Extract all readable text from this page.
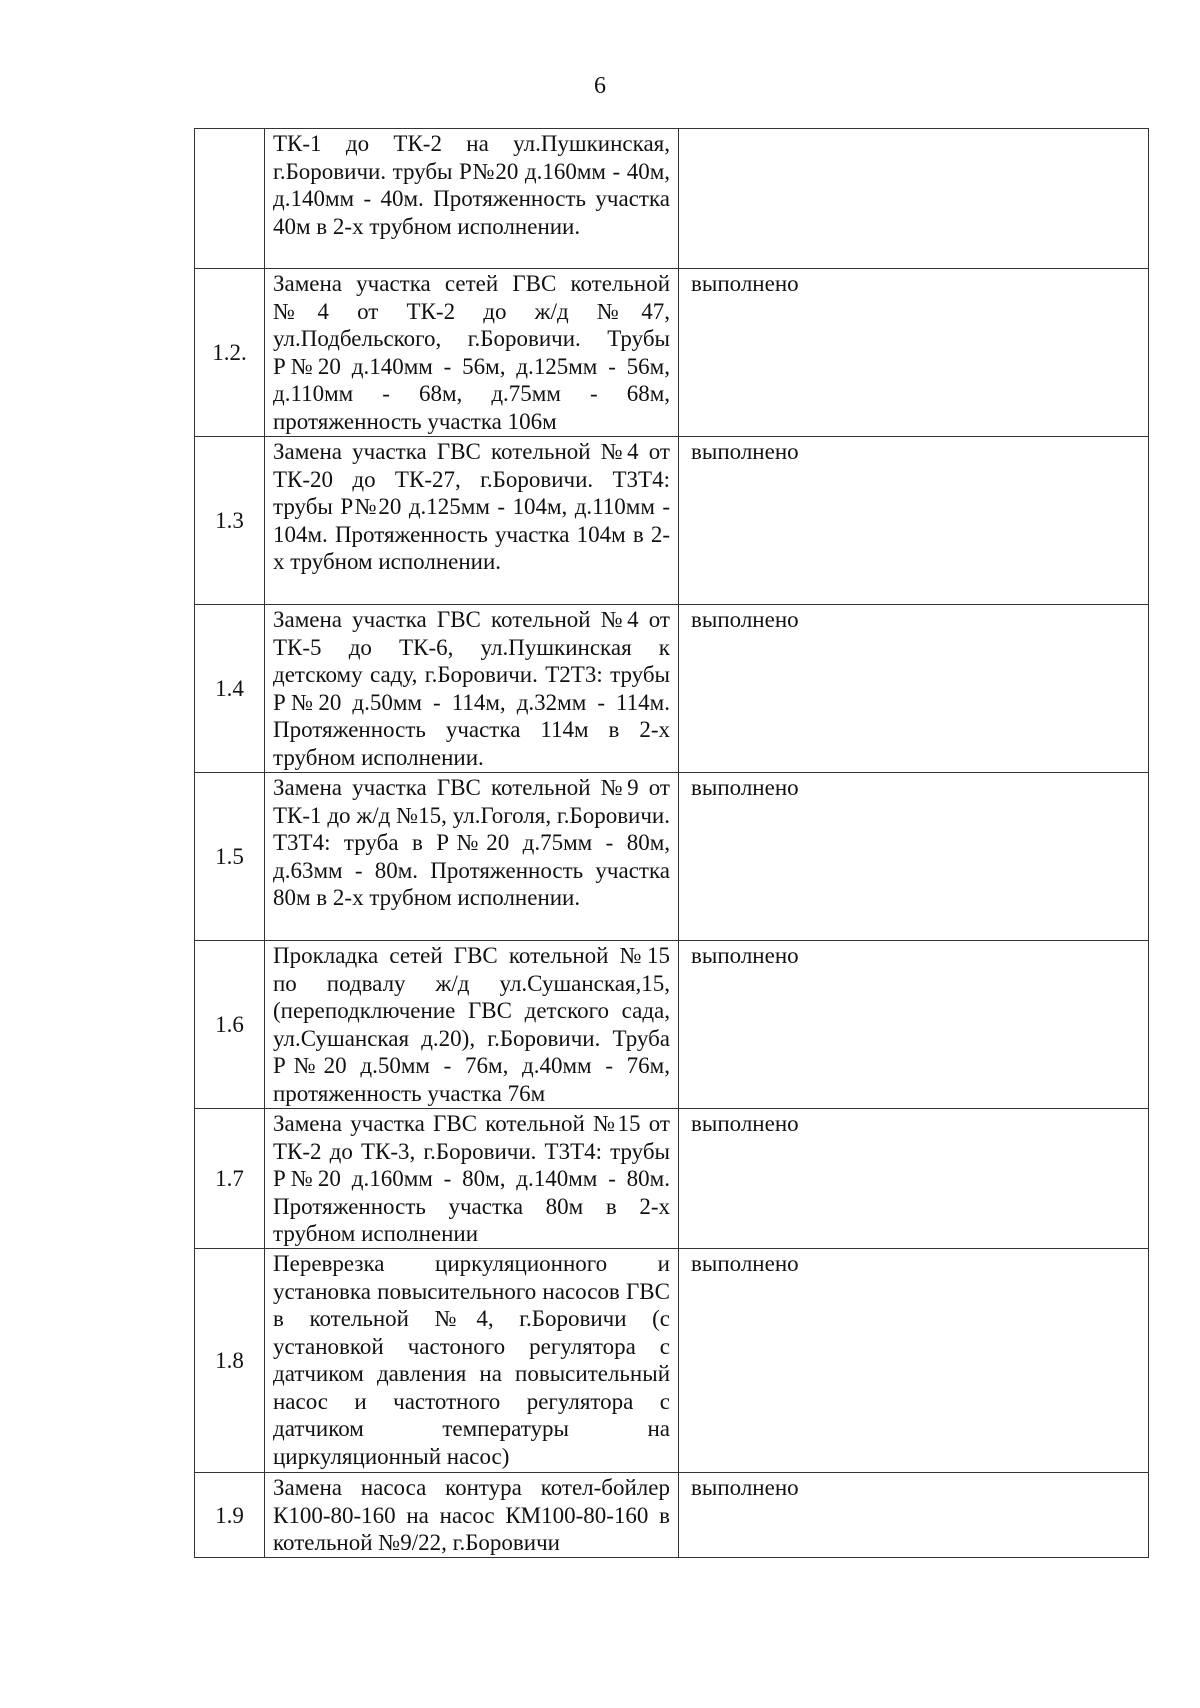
6
	ТК-1 до ТК-2 на ул.Пушкинская, г.Боровичи. трубы Р№20 д.160мм - 40м, д.140мм - 40м. Протяженность участка 40м в 2-х трубном исполнении.	
1.2.	Замена участка сетей ГВС котельной №4 от ТК-2 до ж/д №47, ул.Подбельского, г.Боровичи. Трубы Р№20 д.140мм - 56м, д.125мм - 56м, д.110мм - 68м, д.75мм - 68м, протяженность участка 106м	выполнено
1.3	Замена участка ГВС котельной №4 от ТК-20 до ТК-27, г.Боровичи. Т3Т4: трубы Р№20 д.125мм - 104м, д.110мм - 104м. Протяженность участка 104м в 2-х трубном исполнении.	выполнено
1.4	Замена участка ГВС котельной №4 от ТК-5 до ТК-6, ул.Пушкинская к детскому саду, г.Боровичи. Т2Т3: трубы Р№20 д.50мм - 114м, д.32мм - 114м. Протяженность участка 114м в 2-х трубном исполнении.	выполнено
1.5	Замена участка ГВС котельной №9 от ТК-1 до ж/д №15, ул.Гоголя, г.Боровичи. Т3Т4: труба в Р№20 д.75мм - 80м, д.63мм - 80м. Протяженность участка 80м в 2-х трубном исполнении.	выполнено
1.6	Прокладка сетей ГВС котельной №15 по подвалу ж/д ул.Сушанская,15, (переподключение ГВС детского сада, ул.Сушанская д.20), г.Боровичи. Труба Р№20 д.50мм - 76м, д.40мм - 76м, протяженность участка 76м	выполнено
1.7	Замена участка ГВС котельной №15 от ТК-2 до ТК-3, г.Боровичи. Т3Т4: трубы Р№20 д.160мм - 80м, д.140мм - 80м. Протяженность участка 80м в 2-х трубном исполнении	выполнено
1.8	Переврезка циркуляционного и установка повысительного насосов ГВС в котельной №4, г.Боровичи (с установкой частоного регулятора с датчиком давления на повысительный насос и частотного регулятора с датчиком температуры на циркуляционный насос)	выполнено
1.9	Замена насоса контура котел-бойлер К100-80-160 на насос КМ100-80-160 в котельной №9/22, г.Боровичи	выполнено
